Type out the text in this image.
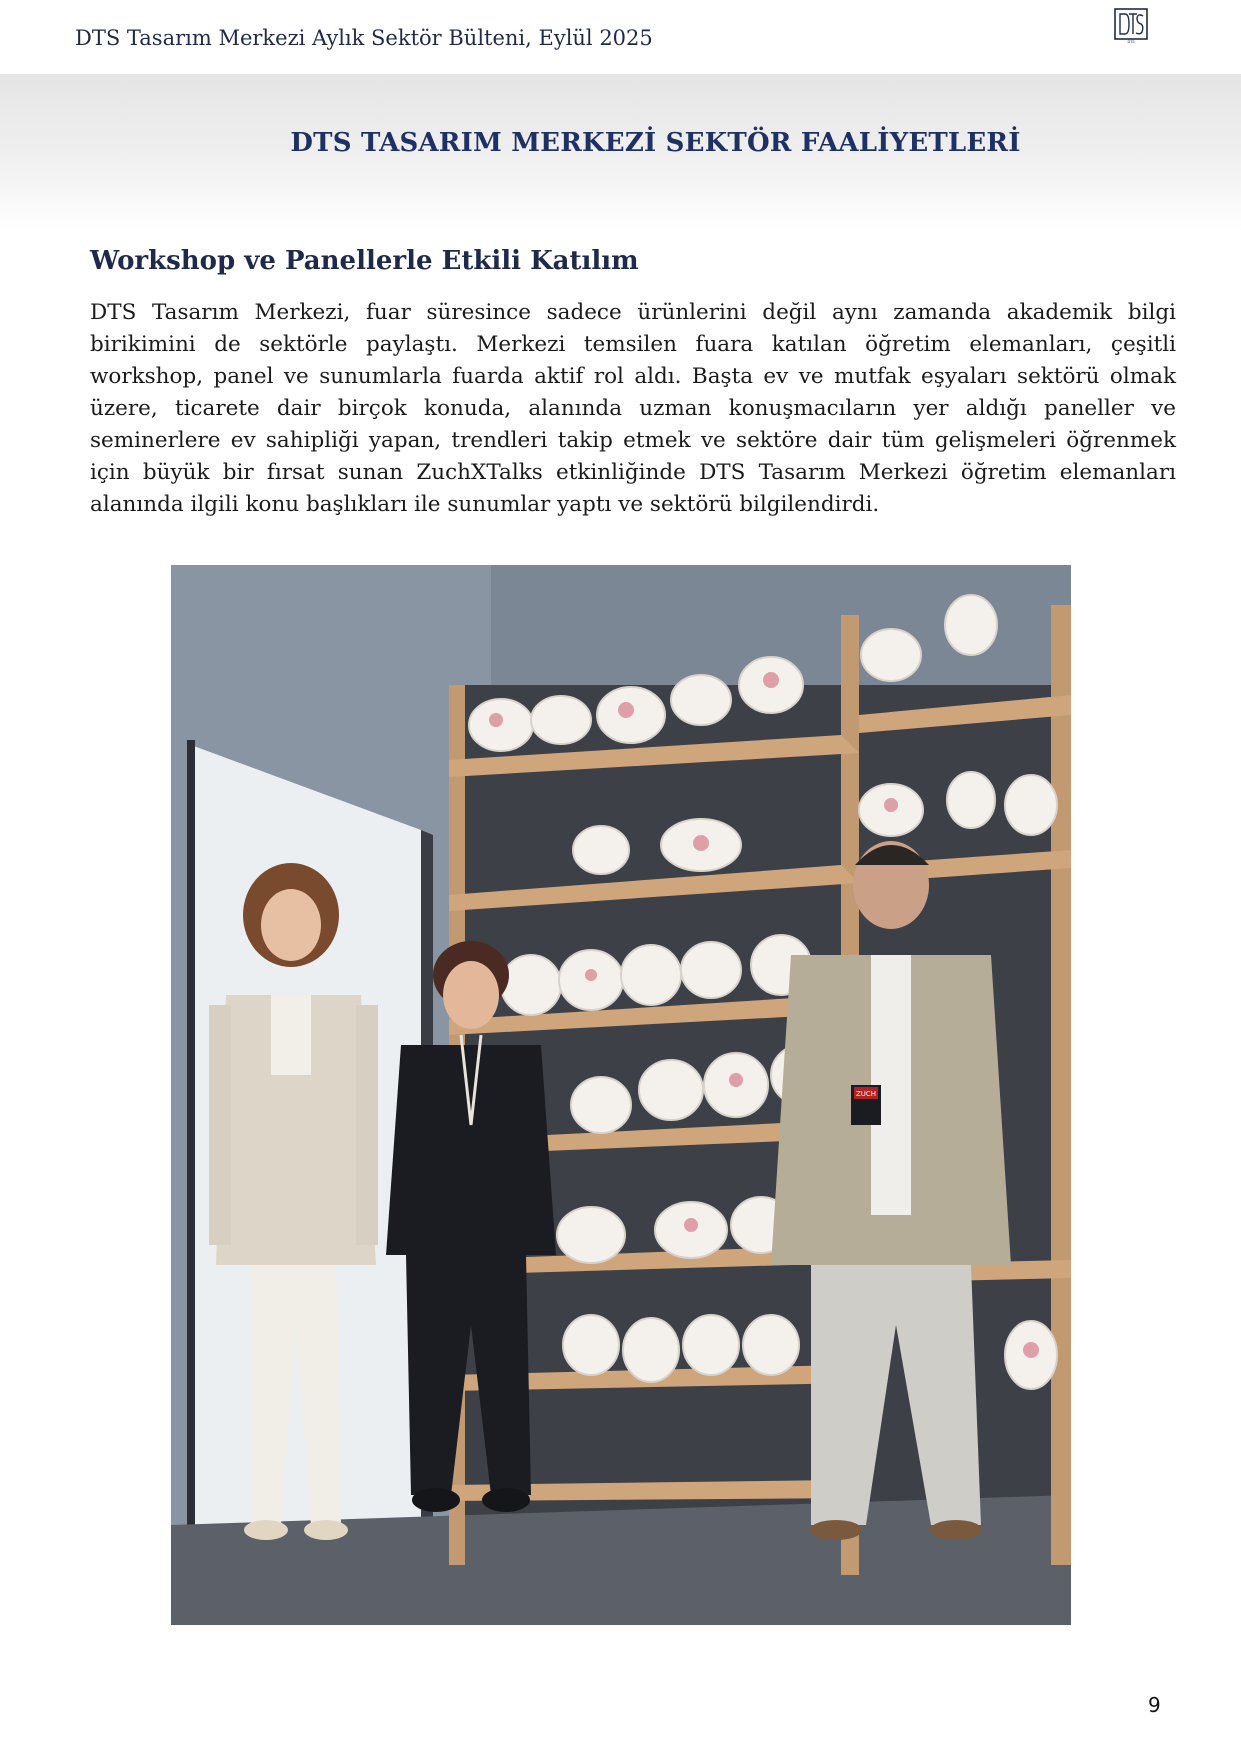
DTS Tasarım Merkezi Aylık Sektör Bülteni, Eylül 2025	DTS
DTS TASARIM MERKEZİ SEKTÖR FAALİYETLERİ
Workshop ve Panellerle Etkili Katılım

DTS Tasarım Merkezi, fuar süresince sadece ürünlerini değil aynı zamanda akademik bilgi birikimini de sektörle paylaştı. Merkezi temsilen fuara katılan öğretim elemanları, çeşitli workshop, panel ve sunumlarla fuarda aktif rol aldı. Başta ev ve mutfak eşyaları sektörü olmak üzere, ticarete dair birçok konuda, alanında uzman konuşmacıların yer aldığı paneller ve seminerlere ev sahipliği yapan, trendleri takip etmek ve sektöre dair tüm gelişmeleri öğrenmek için büyük bir fırsat sunan ZuchXTalks etkinliğinde DTS Tasarım Merkezi öğretim elemanları alanında ilgili konu başlıkları ile sunumlar yaptı ve sektörü bilgilendirdi.

ZUCH
9
